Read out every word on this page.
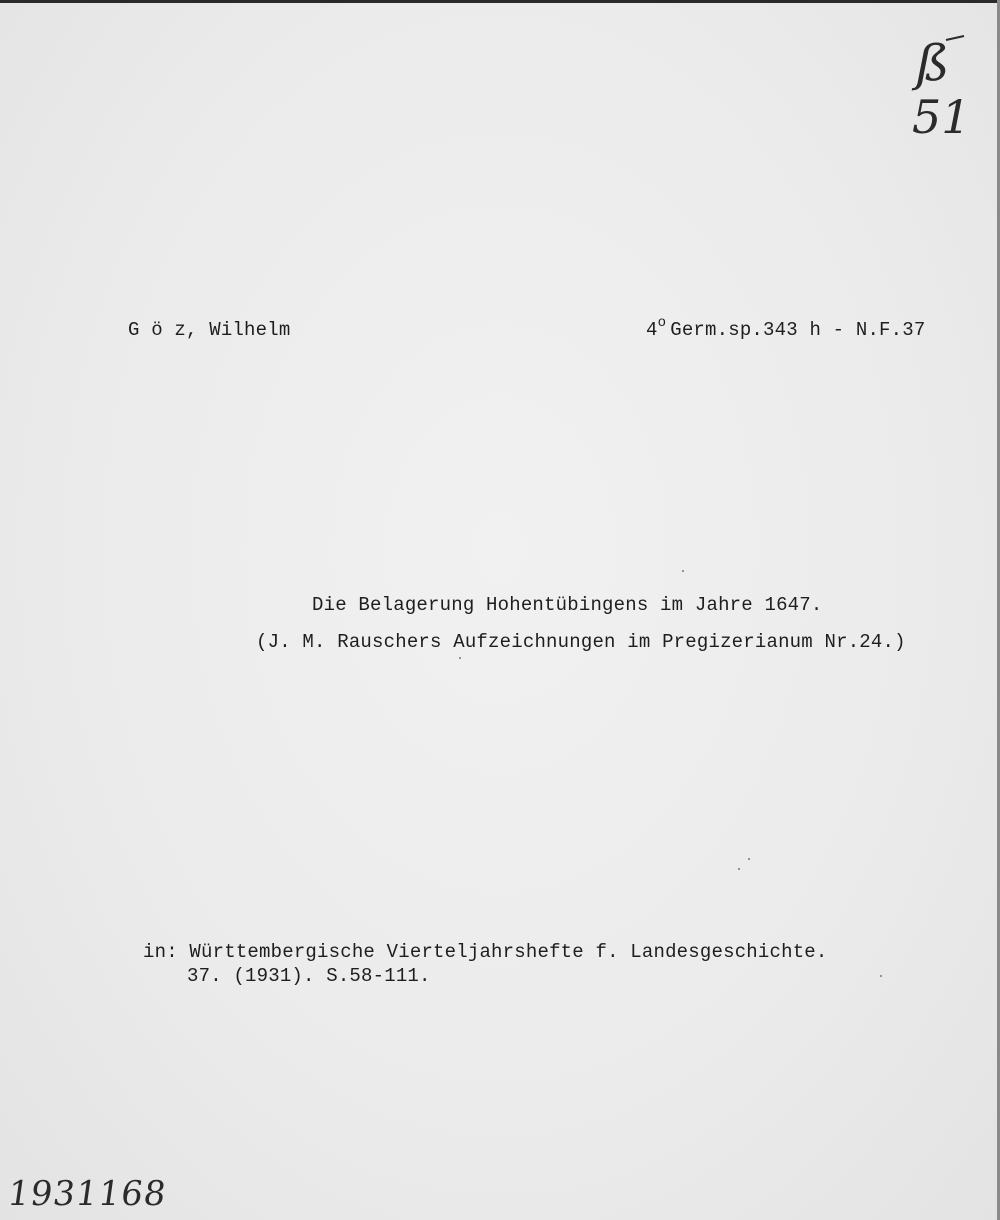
ß

51

G ö z, Wilhelm	4$^o$ Germ.sp.343 h - N.F.37
Die Belagerung Hohentübingens im Jahre 1647.
(J. M. Rauschers Aufzeichnungen im Pregizerianum Nr.24.)
in: Württembergische Vierteljahrshefte f. Landesgeschichte.
37. (1931). S.58-111.
1931168
